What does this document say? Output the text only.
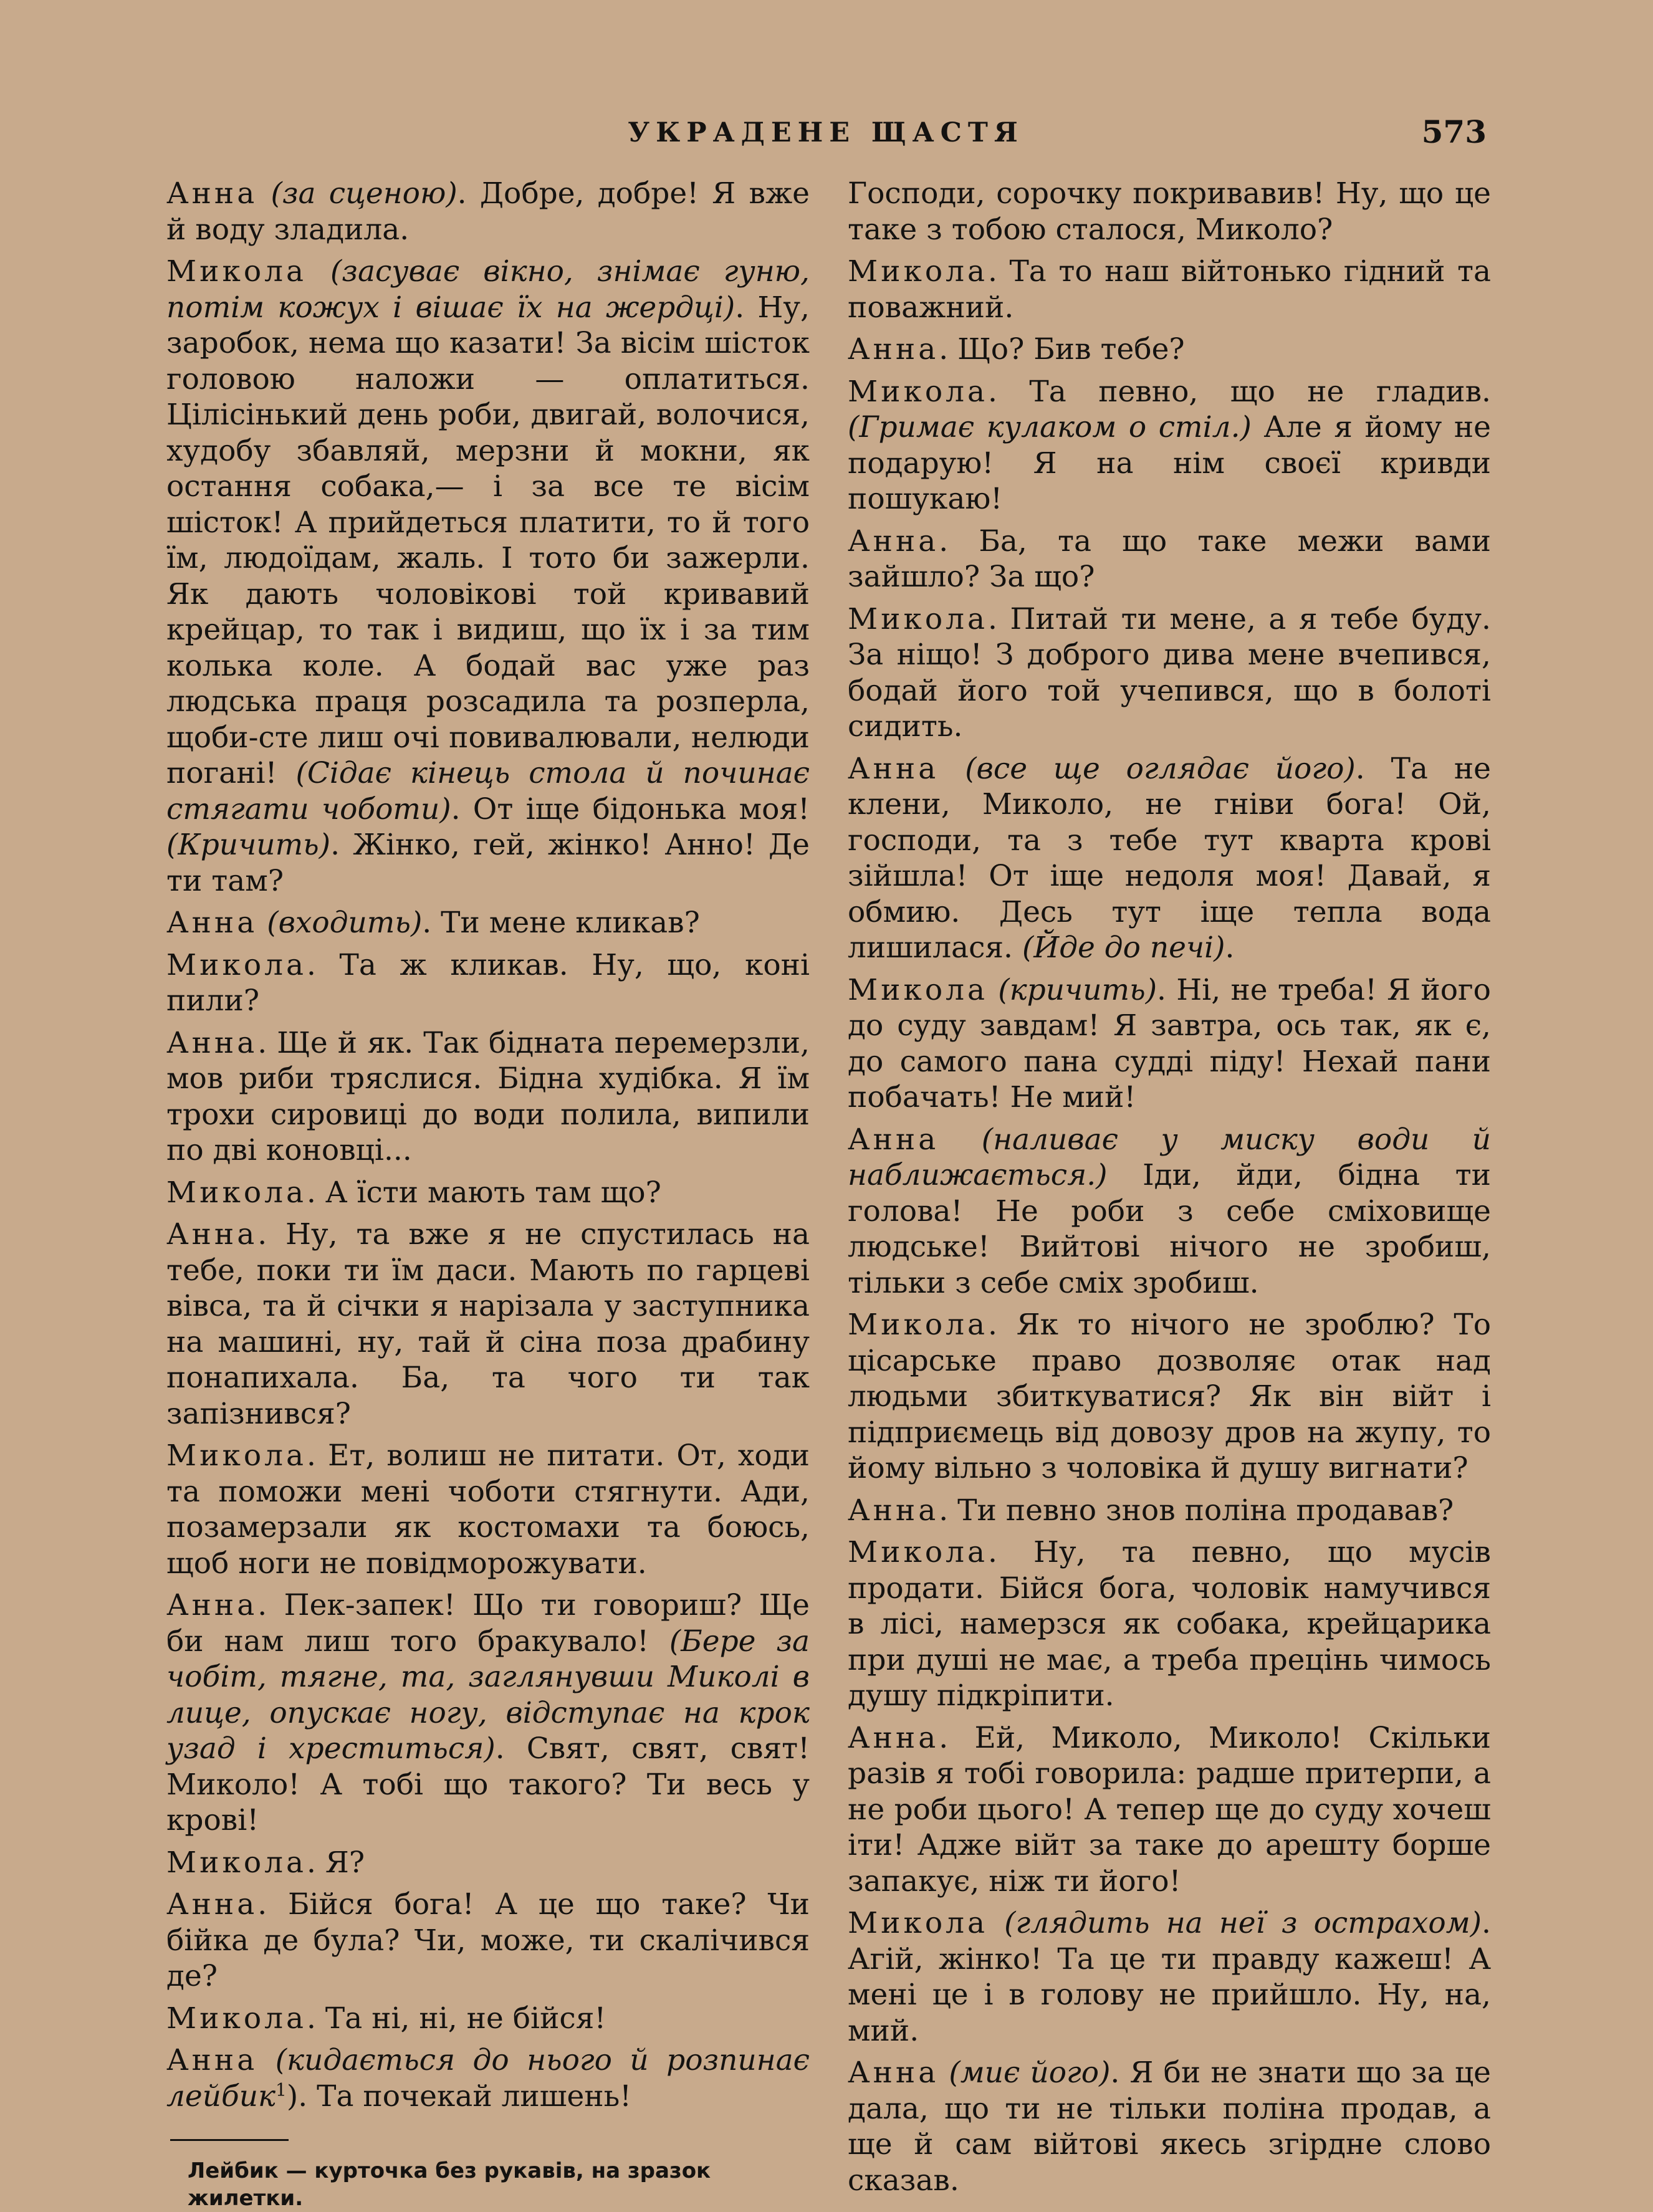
УКРАДЕНЕ ЩАСТЯ	573

Анна (за сценою). Добре, добре! Я вже й воду зладила.

Микола (засуває вікно, знімає гуню, потім кожух і вішає їх на жердці). Ну, заробок, нема що казати! За вісім шісток головою наложи — оплатиться. Цілісінький день роби, двигай, волочися, худобу збавляй, мерзни й мокни, як остання собака,— і за все те вісім шісток! А прийдеться платити, то й того їм, людоїдам, жаль. І тото би зажерли. Як дають чоловікові той кривавий крейцар, то так і видиш, що їх і за тим колька коле. А бодай вас уже раз людська праця розсадила та розперла, щоби-сте лиш очі повивалювали, нелюди погані! (Сідає кінець стола й починає стягати чоботи). От іще бідонька моя! (Кричить). Жінко, гей, жінко! Анно! Де ти там?

Анна (входить). Ти мене кликав?

Микола. Та ж кликав. Ну, що, коні пили?

Анна. Ще й як. Так бідната перемерзли, мов риби тряслися. Бідна худібка. Я їм трохи сировиці до води полила, випили по дві коновці...

Микола. А їсти мають там що?

Анна. Ну, та вже я не спустилась на тебе, поки ти їм даси. Мають по гарцеві вівса, та й січки я нарізала у заступника на машині, ну, тай й сіна поза драбину понапихала. Ба, та чого ти так запізнився?

Микола. Ет, волиш не питати. От, ходи та поможи мені чоботи стягнути. Ади, позамерзали як костомахи та боюсь, щоб ноги не повідморожувати.

Анна. Пек-запек! Що ти говориш? Ще би нам лиш того бракувало! (Бере за чобіт, тягне, та, заглянувши Миколі в лице, опускає ногу, відступає на крок узад і хреститься). Свят, свят, свят! Миколо! А тобі що такого? Ти весь у крові!

Микола. Я?

Анна. Бійся бога! А це що таке? Чи бійка де була? Чи, може, ти скалічився де?

Микола. Та ні, ні, не бійся!

Анна (кидається до нього й розпинає лейбик$^1$). Та почекай лишень!

Лейбик — курточка без рукавів, на зразок жилетки.

Господи, сорочку покривавив! Ну, що це таке з тобою сталося, Миколо?

Микола. Та то наш війтонько гідний та поважний.

Анна. Що? Бив тебе?

Микола. Та певно, що не гладив. (Гримає кулаком о стіл.) Але я йому не подарую! Я на нім своєї кривди пошукаю!

Анна. Ба, та що таке межи вами зайшло? За що?

Микола. Питай ти мене, а я тебе буду. За ніщо! З доброго дива мене вчепився, бодай його той учепився, що в болоті сидить.

Анна (все ще оглядає його). Та не клени, Миколо, не гніви бога! Ой, господи, та з тебе тут кварта крові зійшла! От іще недоля моя! Давай, я обмию. Десь тут іще тепла вода лишилася. (Йде до печі).

Микола (кричить). Ні, не треба! Я його до суду завдам! Я завтра, ось так, як є, до самого пана судді піду! Нехай пани побачать! Не мий!

Анна (наливає у миску води й наближається.) Іди, йди, бідна ти голова! Не роби з себе сміховище людське! Вийтові нічого не зробиш, тільки з себе сміх зробиш.

Микола. Як то нічого не зроблю? То цісарське право дозволяє отак над людьми збиткуватися? Як він війт і підприємець від довозу дров на жупу, то йому вільно з чоловіка й душу вигнати?

Анна. Ти певно знов поліна продавав?

Микола. Ну, та певно, що мусів продати. Бійся бога, чоловік намучився в лісі, намерзся як собака, крейцарика при душі не має, а треба прецінь чимось душу підкріпити.

Анна. Ей, Миколо, Миколо! Скільки разів я тобі говорила: радше притерпи, а не роби цього! А тепер ще до суду хочеш іти! Адже війт за таке до арешту борше запакує, ніж ти його!

Микола (глядить на неї з острахом). Агій, жінко! Та це ти правду кажеш! А мені це і в голову не прийшло. Ну, на, мий.

Анна (миє його). Я би не знати що за це дала, що ти не тільки поліна продав, а ще й сам війтові якесь згірдне слово сказав.
